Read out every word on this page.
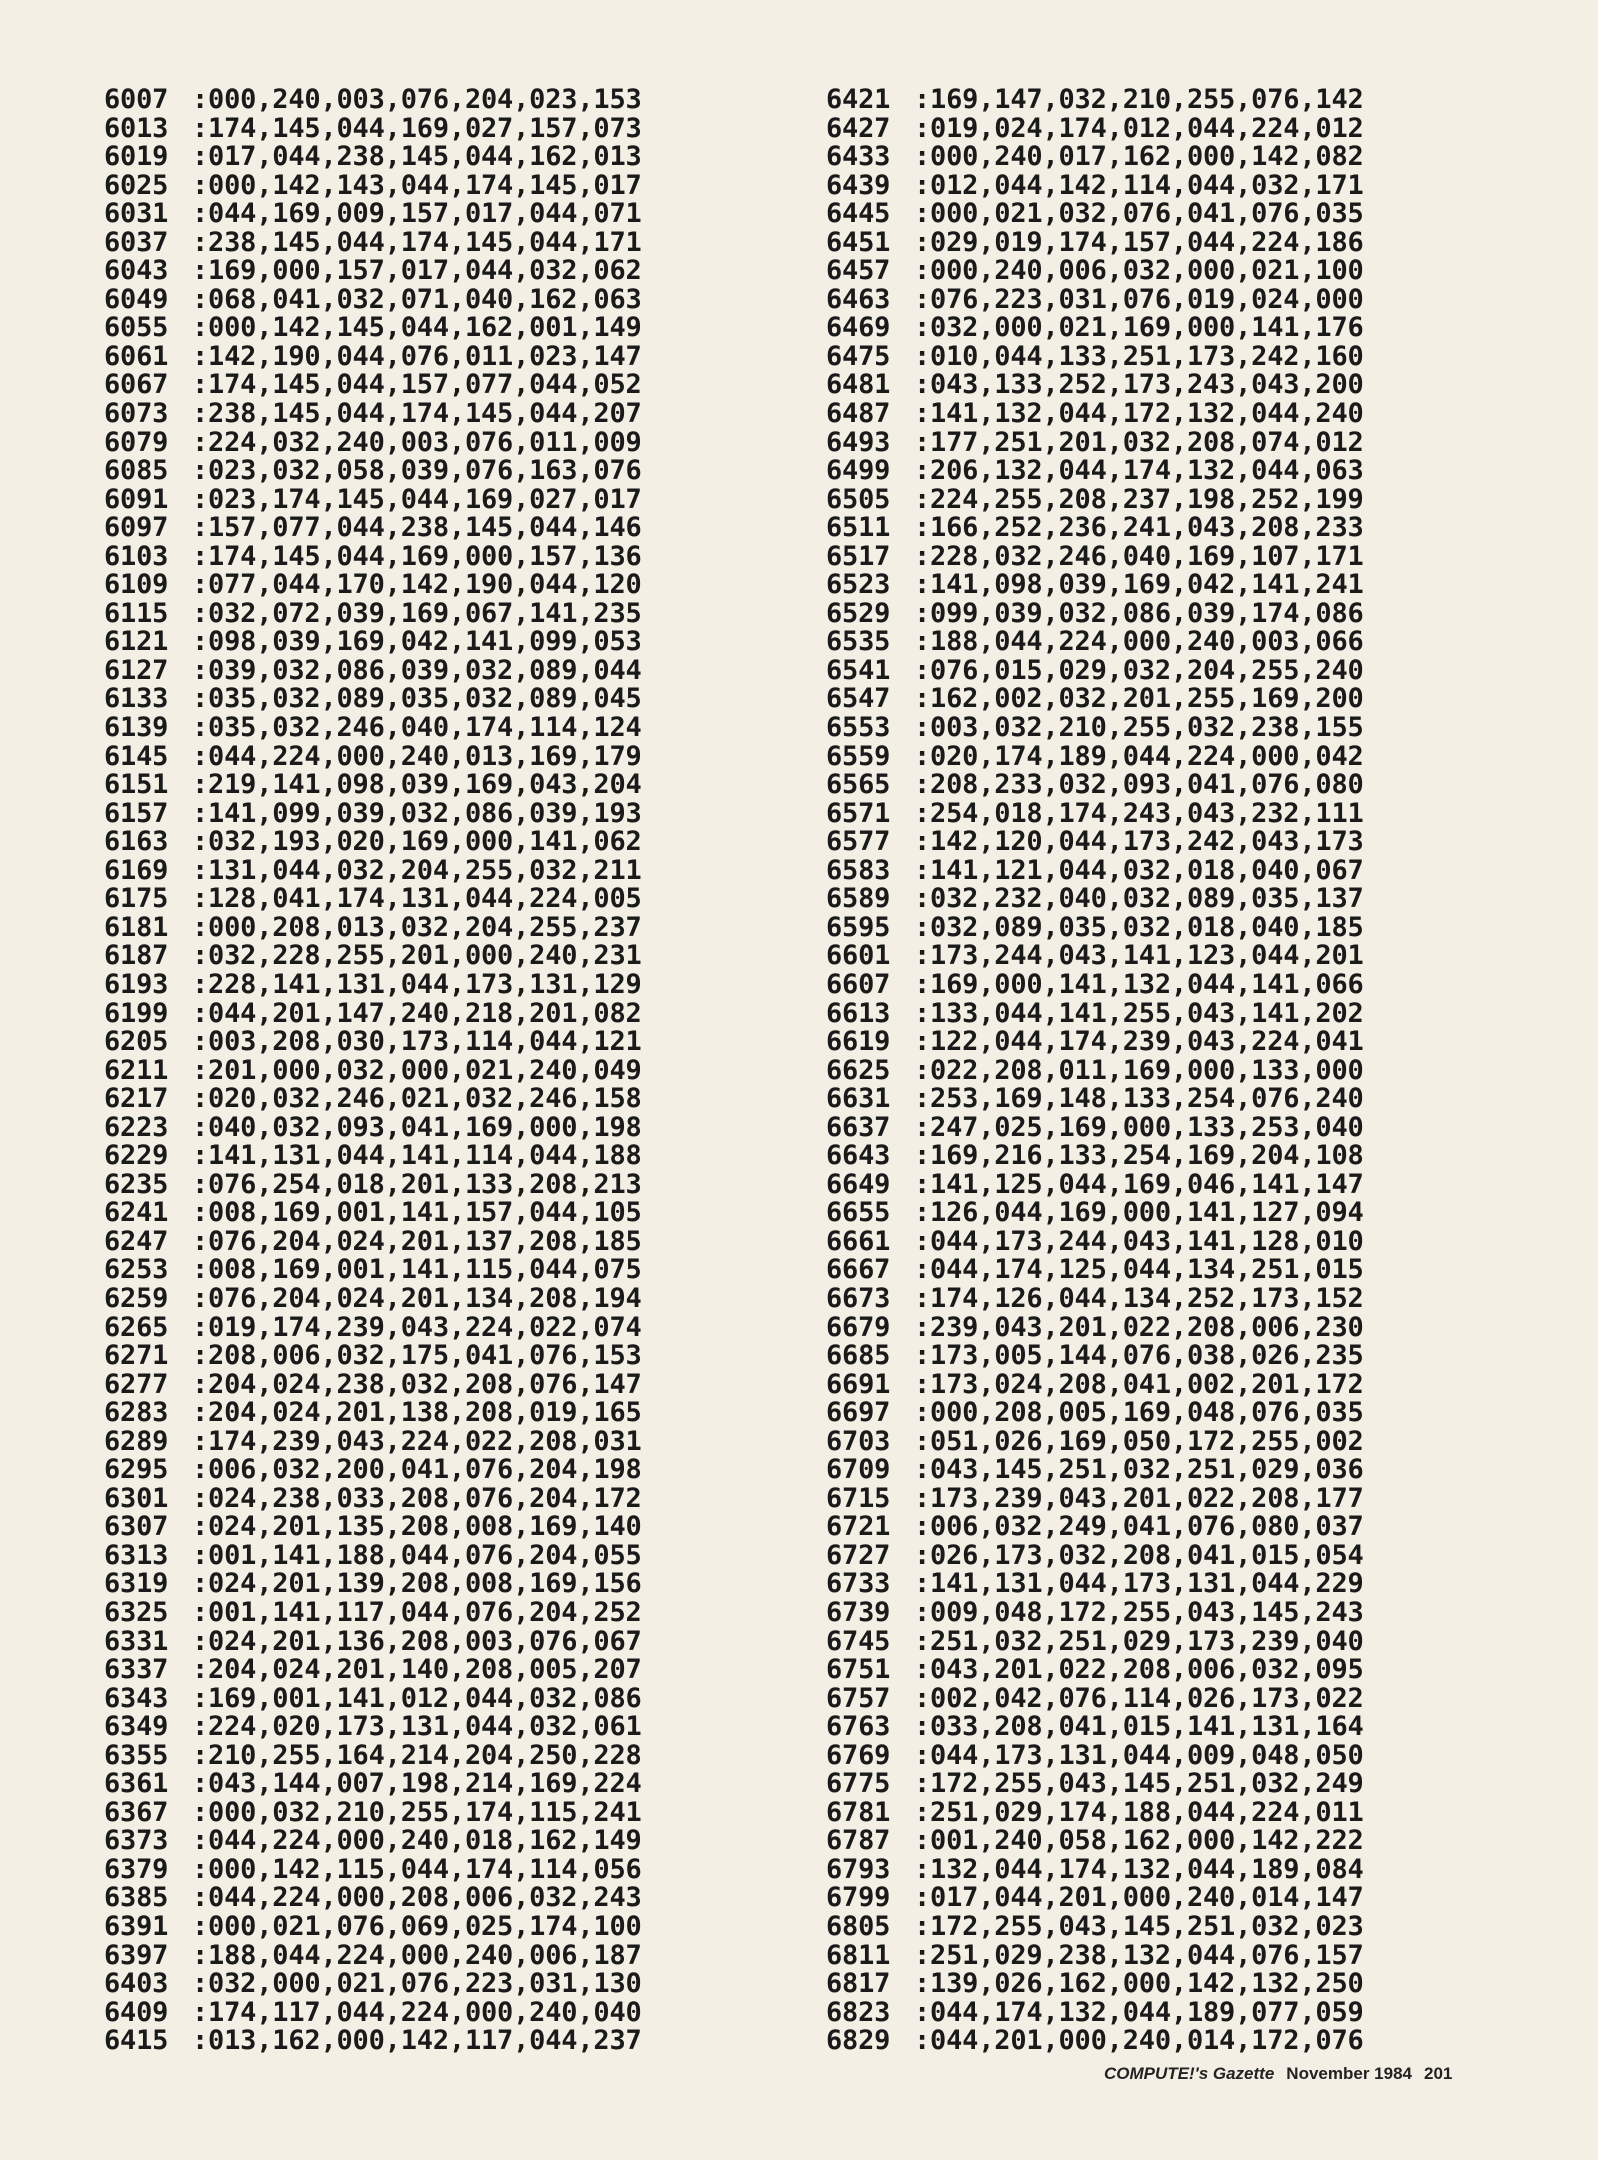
6007 :000,240,003,076,204,023,153
6013 :174,145,044,169,027,157,073
6019 :017,044,238,145,044,162,013
6025 :000,142,143,044,174,145,017
6031 :044,169,009,157,017,044,071
6037 :238,145,044,174,145,044,171
6043 :169,000,157,017,044,032,062
6049 :068,041,032,071,040,162,063
6055 :000,142,145,044,162,001,149
6061 :142,190,044,076,011,023,147
6067 :174,145,044,157,077,044,052
6073 :238,145,044,174,145,044,207
6079 :224,032,240,003,076,011,009
6085 :023,032,058,039,076,163,076
6091 :023,174,145,044,169,027,017
6097 :157,077,044,238,145,044,146
6103 :174,145,044,169,000,157,136
6109 :077,044,170,142,190,044,120
6115 :032,072,039,169,067,141,235
6121 :098,039,169,042,141,099,053
6127 :039,032,086,039,032,089,044
6133 :035,032,089,035,032,089,045
6139 :035,032,246,040,174,114,124
6145 :044,224,000,240,013,169,179
6151 :219,141,098,039,169,043,204
6157 :141,099,039,032,086,039,193
6163 :032,193,020,169,000,141,062
6169 :131,044,032,204,255,032,211
6175 :128,041,174,131,044,224,005
6181 :000,208,013,032,204,255,237
6187 :032,228,255,201,000,240,231
6193 :228,141,131,044,173,131,129
6199 :044,201,147,240,218,201,082
6205 :003,208,030,173,114,044,121
6211 :201,000,032,000,021,240,049
6217 :020,032,246,021,032,246,158
6223 :040,032,093,041,169,000,198
6229 :141,131,044,141,114,044,188
6235 :076,254,018,201,133,208,213
6241 :008,169,001,141,157,044,105
6247 :076,204,024,201,137,208,185
6253 :008,169,001,141,115,044,075
6259 :076,204,024,201,134,208,194
6265 :019,174,239,043,224,022,074
6271 :208,006,032,175,041,076,153
6277 :204,024,238,032,208,076,147
6283 :204,024,201,138,208,019,165
6289 :174,239,043,224,022,208,031
6295 :006,032,200,041,076,204,198
6301 :024,238,033,208,076,204,172
6307 :024,201,135,208,008,169,140
6313 :001,141,188,044,076,204,055
6319 :024,201,139,208,008,169,156
6325 :001,141,117,044,076,204,252
6331 :024,201,136,208,003,076,067
6337 :204,024,201,140,208,005,207
6343 :169,001,141,012,044,032,086
6349 :224,020,173,131,044,032,061
6355 :210,255,164,214,204,250,228
6361 :043,144,007,198,214,169,224
6367 :000,032,210,255,174,115,241
6373 :044,224,000,240,018,162,149
6379 :000,142,115,044,174,114,056
6385 :044,224,000,208,006,032,243
6391 :000,021,076,069,025,174,100
6397 :188,044,224,000,240,006,187
6403 :032,000,021,076,223,031,130
6409 :174,117,044,224,000,240,040
6415 :013,162,000,142,117,044,237
6421 :169,147,032,210,255,076,142
6427 :019,024,174,012,044,224,012
6433 :000,240,017,162,000,142,082
6439 :012,044,142,114,044,032,171
6445 :000,021,032,076,041,076,035
6451 :029,019,174,157,044,224,186
6457 :000,240,006,032,000,021,100
6463 :076,223,031,076,019,024,000
6469 :032,000,021,169,000,141,176
6475 :010,044,133,251,173,242,160
6481 :043,133,252,173,243,043,200
6487 :141,132,044,172,132,044,240
6493 :177,251,201,032,208,074,012
6499 :206,132,044,174,132,044,063
6505 :224,255,208,237,198,252,199
6511 :166,252,236,241,043,208,233
6517 :228,032,246,040,169,107,171
6523 :141,098,039,169,042,141,241
6529 :099,039,032,086,039,174,086
6535 :188,044,224,000,240,003,066
6541 :076,015,029,032,204,255,240
6547 :162,002,032,201,255,169,200
6553 :003,032,210,255,032,238,155
6559 :020,174,189,044,224,000,042
6565 :208,233,032,093,041,076,080
6571 :254,018,174,243,043,232,111
6577 :142,120,044,173,242,043,173
6583 :141,121,044,032,018,040,067
6589 :032,232,040,032,089,035,137
6595 :032,089,035,032,018,040,185
6601 :173,244,043,141,123,044,201
6607 :169,000,141,132,044,141,066
6613 :133,044,141,255,043,141,202
6619 :122,044,174,239,043,224,041
6625 :022,208,011,169,000,133,000
6631 :253,169,148,133,254,076,240
6637 :247,025,169,000,133,253,040
6643 :169,216,133,254,169,204,108
6649 :141,125,044,169,046,141,147
6655 :126,044,169,000,141,127,094
6661 :044,173,244,043,141,128,010
6667 :044,174,125,044,134,251,015
6673 :174,126,044,134,252,173,152
6679 :239,043,201,022,208,006,230
6685 :173,005,144,076,038,026,235
6691 :173,024,208,041,002,201,172
6697 :000,208,005,169,048,076,035
6703 :051,026,169,050,172,255,002
6709 :043,145,251,032,251,029,036
6715 :173,239,043,201,022,208,177
6721 :006,032,249,041,076,080,037
6727 :026,173,032,208,041,015,054
6733 :141,131,044,173,131,044,229
6739 :009,048,172,255,043,145,243
6745 :251,032,251,029,173,239,040
6751 :043,201,022,208,006,032,095
6757 :002,042,076,114,026,173,022
6763 :033,208,041,015,141,131,164
6769 :044,173,131,044,009,048,050
6775 :172,255,043,145,251,032,249
6781 :251,029,174,188,044,224,011
6787 :001,240,058,162,000,142,222
6793 :132,044,174,132,044,189,084
6799 :017,044,201,000,240,014,147
6805 :172,255,043,145,251,032,023
6811 :251,029,238,132,044,076,157
6817 :139,026,162,000,142,132,250
6823 :044,174,132,044,189,077,059
6829 :044,201,000,240,014,172,076
COMPUTE!'s Gazette November 1984 201
